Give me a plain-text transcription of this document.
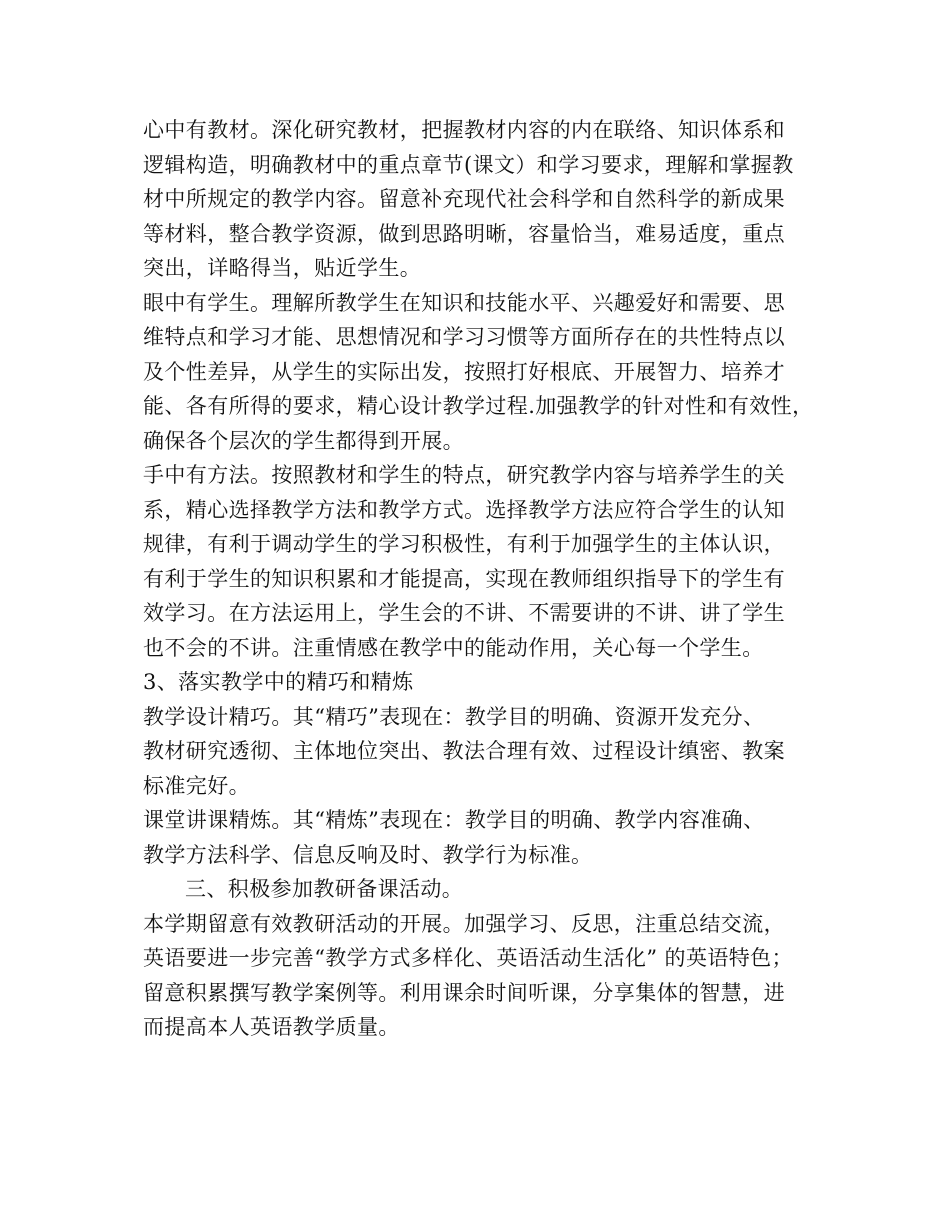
心中有教材。深化研究教材，把握教材内容的内在联络、知识体系和
逻辑构造，明确教材中的重点章节(课文）和学习要求，理解和掌握教
材中所规定的教学内容。留意补充现代社会科学和自然科学的新成果
等材料，整合教学资源，做到思路明晰，容量恰当，难易适度，重点
突出，详略得当，贴近学生。
眼中有学生。理解所教学生在知识和技能水平、兴趣爱好和需要、思
维特点和学习才能、思想情况和学习习惯等方面所存在的共性特点以
及个性差异，从学生的实际出发，按照打好根底、开展智力、培养才
能、各有所得的要求，精心设计教学过程.加强教学的针对性和有效性，
确保各个层次的学生都得到开展。
手中有方法。按照教材和学生的特点，研究教学内容与培养学生的关
系，精心选择教学方法和教学方式。选择教学方法应符合学生的认知
规律，有利于调动学生的学习积极性，有利于加强学生的主体认识，
有利于学生的知识积累和才能提高，实现在教师组织指导下的学生有
效学习。在方法运用上，学生会的不讲、不需要讲的不讲、讲了学生
也不会的不讲。注重情感在教学中的能动作用，关心每一个学生。
3、落实教学中的精巧和精炼
教学设计精巧。其“精巧”表现在：教学目的明确、资源开发充分、
教材研究透彻、主体地位突出、教法合理有效、过程设计缜密、教案
标准完好。
课堂讲课精炼。其“精炼”表现在：教学目的明确、教学内容准确、
教学方法科学、信息反响及时、教学行为标准。
三、积极参加教研备课活动。
本学期留意有效教研活动的开展。加强学习、反思，注重总结交流，
英语要进一步完善“教学方式多样化、英语活动生活化” 的英语特色；
留意积累撰写教学案例等。利用课余时间听课，分享集体的智慧，进
而提高本人英语教学质量。
